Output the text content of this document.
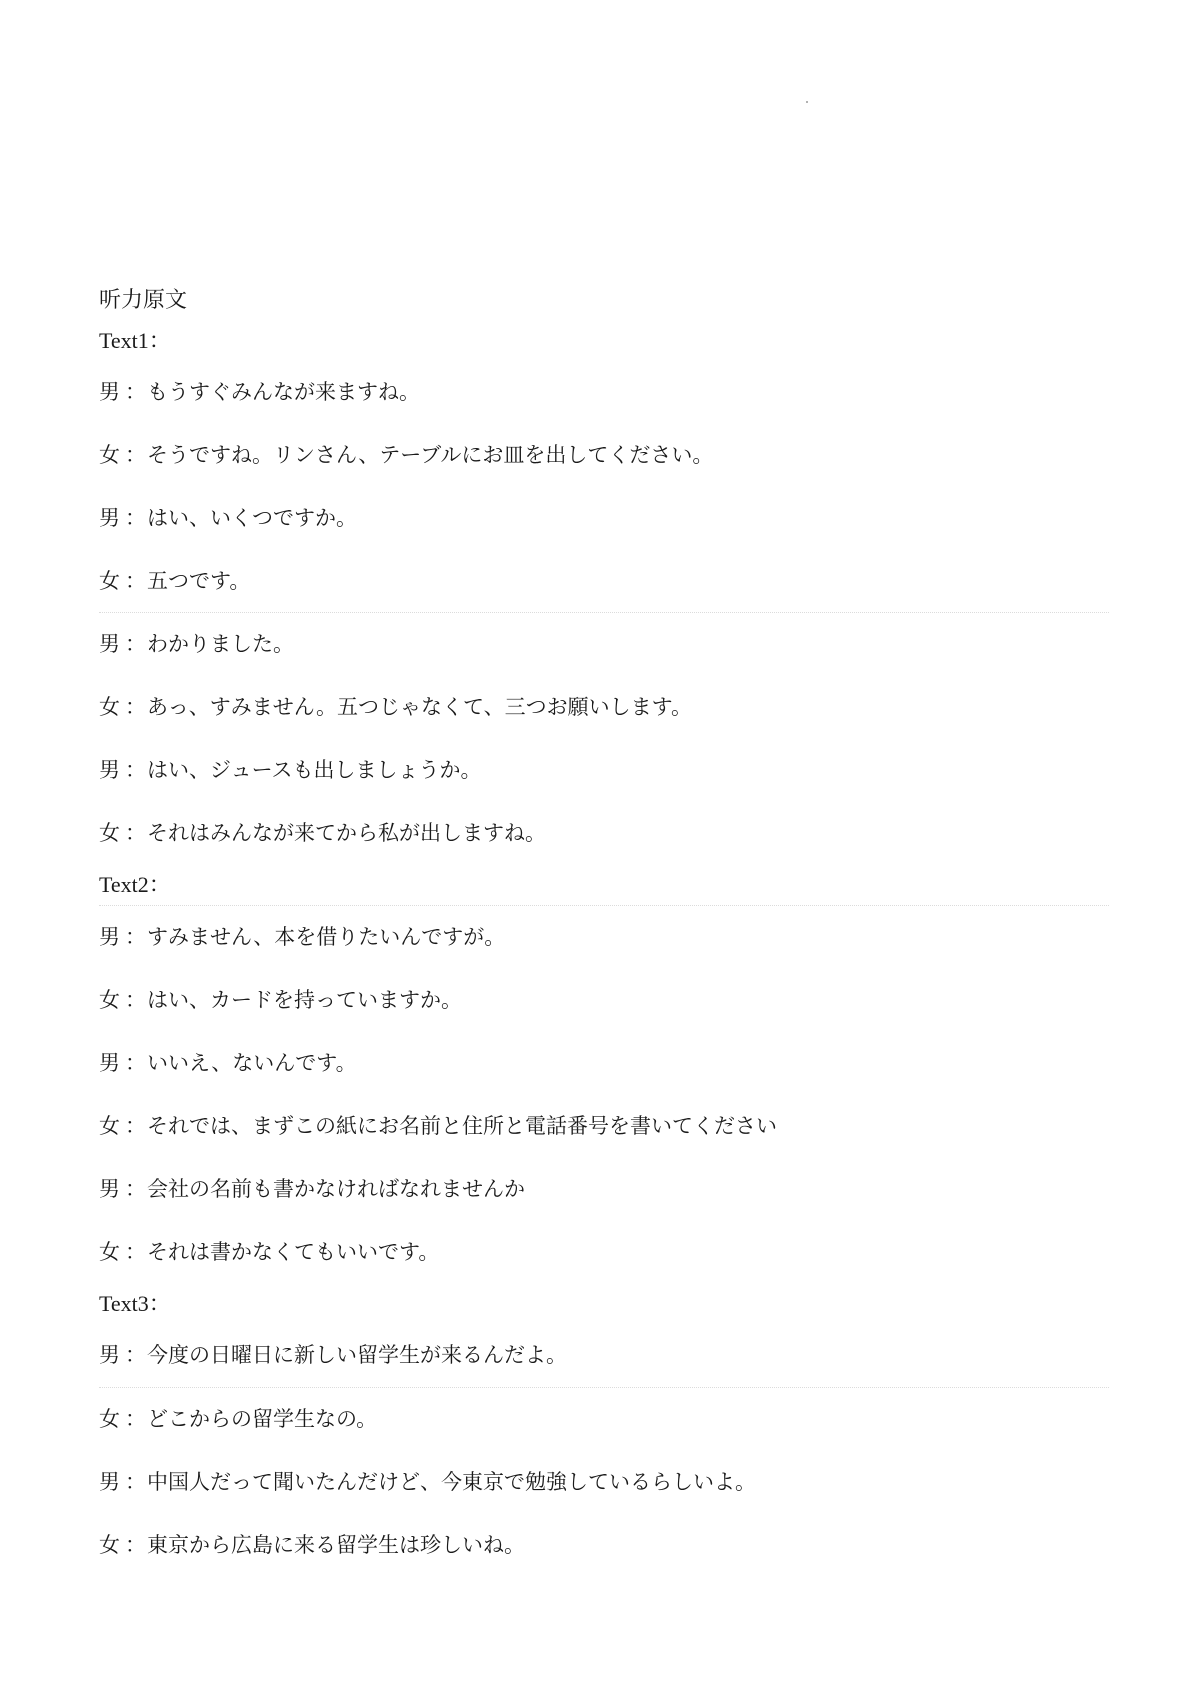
听力原文
Text1：
男 ： もうすぐみんなが来ますね。
女 ： そうですね。リンさん、テーブルにお皿を出してください。
男 ： はい、いくつですか。
女 ： 五つです。
男 ： わかりました。
女 ： あっ、すみません。五つじゃなくて、三つお願いします。
男 ： はい、ジュースも出しましょうか。
女 ： それはみんなが来てから私が出しますね。
Text2：
男 ： すみません、本を借りたいんですが。
女 ： はい、カードを持っていますか。
男 ： いいえ、ないんです。
女 ： それでは、まずこの紙にお名前と住所と電話番号を書いてください
男 ： 会社の名前も書かなければなれませんか
女 ： それは書かなくてもいいです。
Text3：
男 ： 今度の日曜日に新しい留学生が来るんだよ。
女 ： どこからの留学生なの。
男 ： 中国人だって聞いたんだけど、今東京で勉強しているらしいよ。
女 ： 東京から広島に来る留学生は珍しいね。
